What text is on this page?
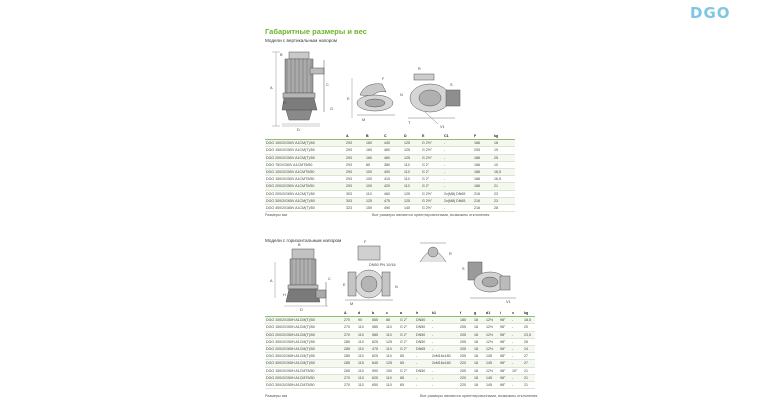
DGO
Габаритные размеры и вес
Модели с вертикальным напором
Модели с горизонтальным напором
DN50 PN 10/16
A
B
C
D
E
F
G
H
M
N
R
S
T
V1
A
B
C
D
E
F
H
M
N
R
S
V1
	A	B	C	D	E	C1	F	kg
DGO 100/2/G50V A1CM(T)/50	293	160	440	125	G 2½"	-	186	18
DGO 150/2/G50V A1CM(T)/50	293	160	460	125	G 2½"	-	205	19
DGO 200/2/G50V A1CM(T)/50	293	160	460	125	G 2½"	-	186	25
DGO 75/2/G50V A1CMT5/50	293	85	380	110	G 2"	-	186	10
DGO 100/2/G50V A1CMT5/50	293	100	400	110	G 2"	-	186	16,5
DGO 150/2/G50V A1CMT5/50	293	100	410	110	G 2"	-	186	16,5
DGO 200/2/G50V A1CMT5/50	293	100	420	110	G 2"	-	186	21
DGO 200/2/G65V A1CM(T)/50	303	110	460	125	G 2½"	2x(M8) DN65	216	23
DGO 300/2/G65V A1CM(T)/50	303	125	475	125	G 2½"	2x(M8) DN65	216	23
DGO 400/2/G65V A1CM(T)/50	323	150	490	140	G 2½"	-	216	28
Размеры мм	Все размеры являются ориентировочными, возможны отклонения.
	A	d	b	c	a	h	k1	f	g	d1	i	x	kg
DGO 100/2/G50H A1CM(T)/50	270	90	565	88	G 2"	DN50	-	180	18	12½	98°	-	18,5
DGO 150/2/G50H A1CM(T)/50	270	110	585	110	G 2"	DN50	-	205	18	12½	98°	-	20
DGO 200/2/G50H A1CM(T)/50	270	110	585	110	G 2"	DN50	-	205	18	12½	98°	-	23,5
DGO 300/2/G50H A1CM(T)/50	285	110	625	125	G 2"	DN50	-	205	18	12½	98°	-	26
DGO 200/2/G65H A1CM(T)/50	285	110	475	110	G 2"	DN65	-	205	18	12½	98°	-	24
DGO 300/2/G65H A1CM(T)/50	285	110	625	110	65	-	2xM16x180	205	18	145	98°	-	27
DGO 400/2/G65H A1CM(T)/50	285	115	645	125	65	-	2xM16x180	220	18	145	98°	-	27
DGO 150/2/G50H A1CMT5/50	265	110	590	100	G 2"	DN50	-	205	18	12½	98°	10°	21
DGO 200/2/G50H A1CMT5/50	270	110	625	110	65	-	-	220	18	145	98°	-	21
DGO 300/2/G50H A1CMT5/50	270	110	650	110	65	-	-	220	18	145	98°	-	21
Размеры мм	Все размеры являются ориентировочными, возможны отклонения.
